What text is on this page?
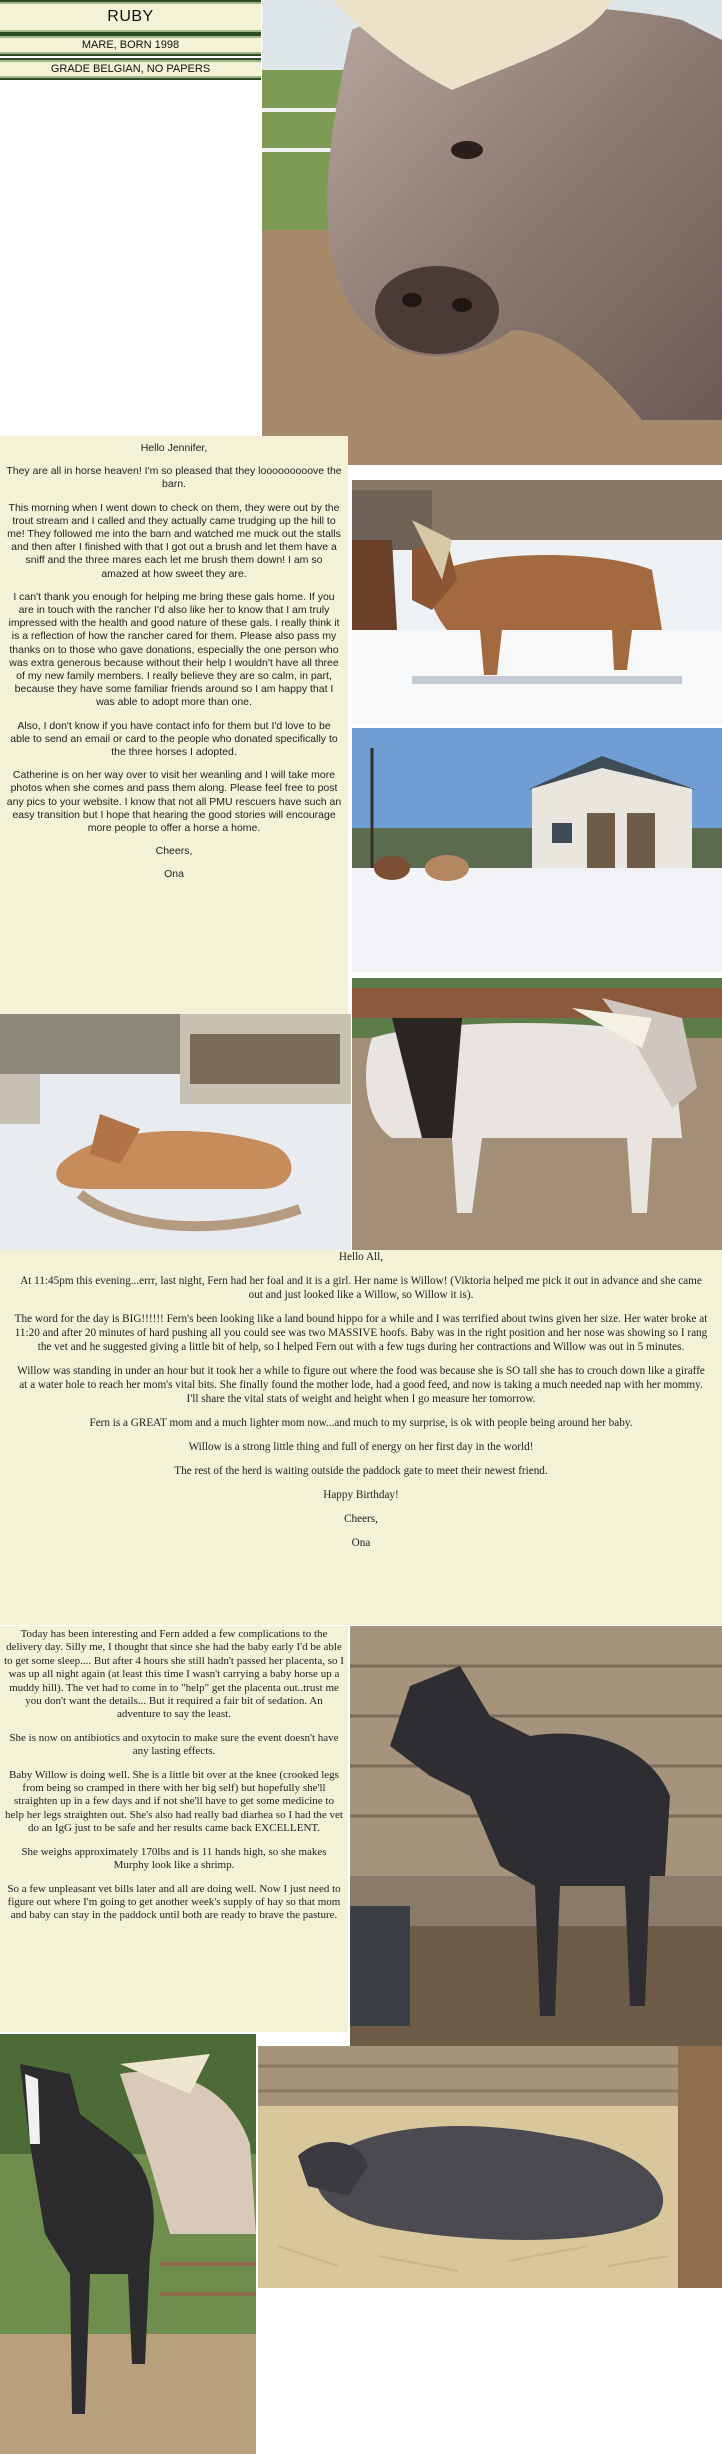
RUBY
MARE, BORN 1998
GRADE BELGIAN, NO PAPERS

Hello Jennifer,

They are all in horse heaven! I'm so pleased that they looooooooove the barn.

This morning when I went down to check on them, they were out by the trout stream and I called and they actually came trudging up the hill to me! They followed me into the barn and watched me muck out the stalls and then after I finished with that I got out a brush and let them have a sniff and the three mares each let me brush them down! I am so amazed at how sweet they are.

I can't thank you enough for helping me bring these gals home. If you are in touch with the rancher I'd also like her to know that I am truly impressed with the health and good nature of these gals. I really think it is a reflection of how the rancher cared for them. Please also pass my thanks on to those who gave donations, especially the one person who was extra generous because without their help I wouldn't have all three of my new family members. I really believe they are so calm, in part, because they have some familiar friends around so I am happy that I was able to adopt more than one.

Also, I don't know if you have contact info for them but I'd love to be able to send an email or card to the people who donated specifically to the three horses I adopted.

Catherine is on her way over to visit her weanling and I will take more photos when she comes and pass them along. Please feel free to post any pics to your website. I know that not all PMU rescuers have such an easy transition but I hope that hearing the good stories will encourage more people to offer a horse a home.

Cheers,

Ona

Hello All,

At 11:45pm this evening...errr, last night, Fern had her foal and it is a girl. Her name is Willow! (Viktoria helped me pick it out in advance and she came out and just looked like a Willow, so Willow it is).

The word for the day is BIG!!!!!! Fern's been looking like a land bound hippo for a while and I was terrified about twins given her size. Her water broke at 11:20 and after 20 minutes of hard pushing all you could see was two MASSIVE hoofs. Baby was in the right position and her nose was showing so I rang the vet and he suggested giving a little bit of help, so I helped Fern out with a few tugs during her contractions and Willow was out in 5 minutes.

Willow was standing in under an hour but it took her a while to figure out where the food was because she is SO tall she has to crouch down like a giraffe at a water hole to reach her mom's vital bits. She finally found the mother lode, had a good feed, and now is taking a much needed nap with her mommy. I'll share the vital stats of weight and height when I go measure her tomorrow.

Fern is a GREAT mom and a much lighter mom now...and much to my surprise, is ok with people being around her baby.

Willow is a strong little thing and full of energy on her first day in the world!

The rest of the herd is waiting outside the paddock gate to meet their newest friend.

Happy Birthday!

Cheers,

Ona

Today has been interesting and Fern added a few complications to the delivery day. Silly me, I thought that since she had the baby early I'd be able to get some sleep.... But after 4 hours she still hadn't passed her placenta, so I was up all night again (at least this time I wasn't carrying a baby horse up a muddy hill). The vet had to come in to "help" get the placenta out..trust me you don't want the details... But it required a fair bit of sedation. An adventure to say the least.

She is now on antibiotics and oxytocin to make sure the event doesn't have any lasting effects.

Baby Willow is doing well. She is a little bit over at the knee (crooked legs from being so cramped in there with her big self) but hopefully she'll straighten up in a few days and if not she'll have to get some medicine to help her legs straighten out. She's also had really bad diarhea so I had the vet do an IgG just to be safe and her results came back EXCELLENT.

She weighs approximately 170lbs and is 11 hands high, so she makes Murphy look like a shrimp.

So a few unpleasant vet bills later and all are doing well. Now I just need to figure out where I'm going to get another week's supply of hay so that mom and baby can stay in the paddock until both are ready to brave the pasture.
